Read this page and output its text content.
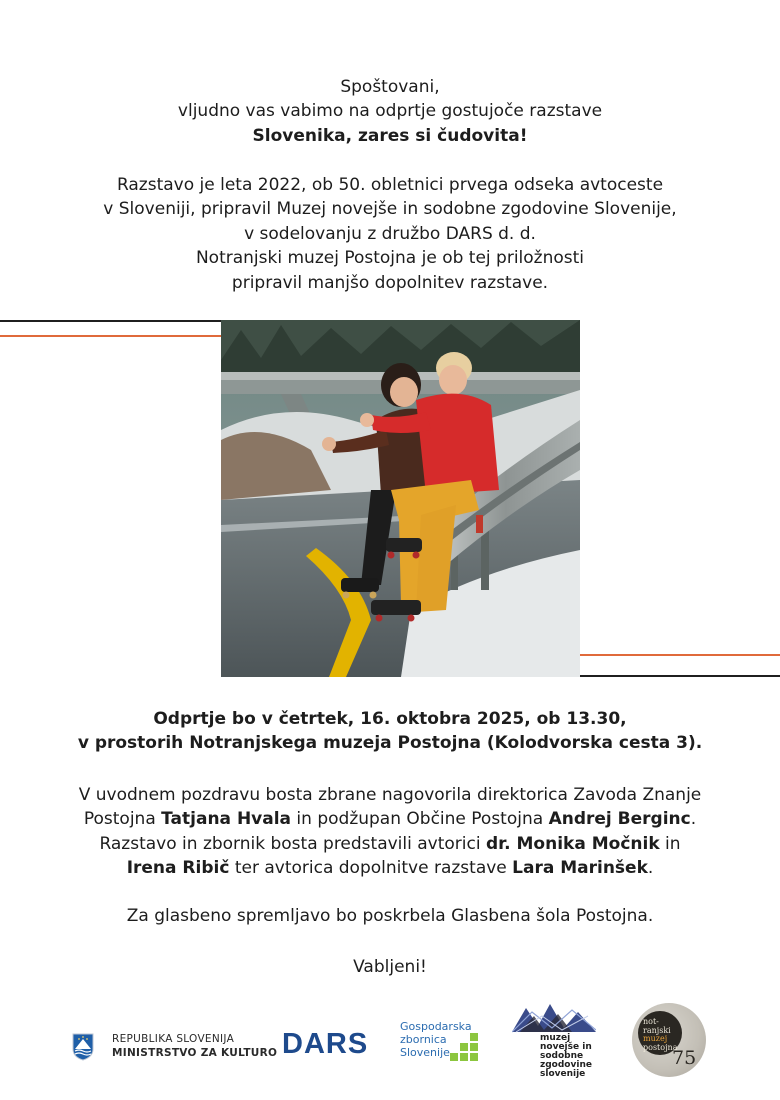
Spoštovani,

vljudno vas vabimo na odprtje gostujoče razstave

Slovenika, zares si čudovita!

Razstavo je leta 2022, ob 50. obletnici prvega odseka avtoceste

v Sloveniji, pripravil Muzej novejše in sodobne zgodovine Slovenije,

v sodelovanju z družbo DARS d. d.

Notranjski muzej Postojna je ob tej priložnosti

pripravil manjšo dopolnitev razstave.

Odprtje bo v četrtek, 16. oktobra 2025, ob 13.30,

v prostorih Notranjskega muzeja Postojna (Kolodvorska cesta 3).

V uvodnem pozdravu bosta zbrane nagovorila direktorica Zavoda Znanje

Postojna Tatjana Hvala in podžupan Občine Postojna Andrej Berginc.

Razstavo in zbornik bosta predstavili avtorici dr. Monika Močnik in

Irena Ribič ter avtorica dopolnitve razstave Lara Marinšek.

Za glasbeno spremljavo bo poskrbela Glasbena šola Postojna.
Vabljeni!
REPUBLIKA SLOVENIJA
MINISTRSTVO ZA KULTURO DARS
Gospodarska
zbornica
Slovenije
muzej
novejše in
sodobne
zgodovine
slovenije
not-
ranjski
muzej
postojna
75
